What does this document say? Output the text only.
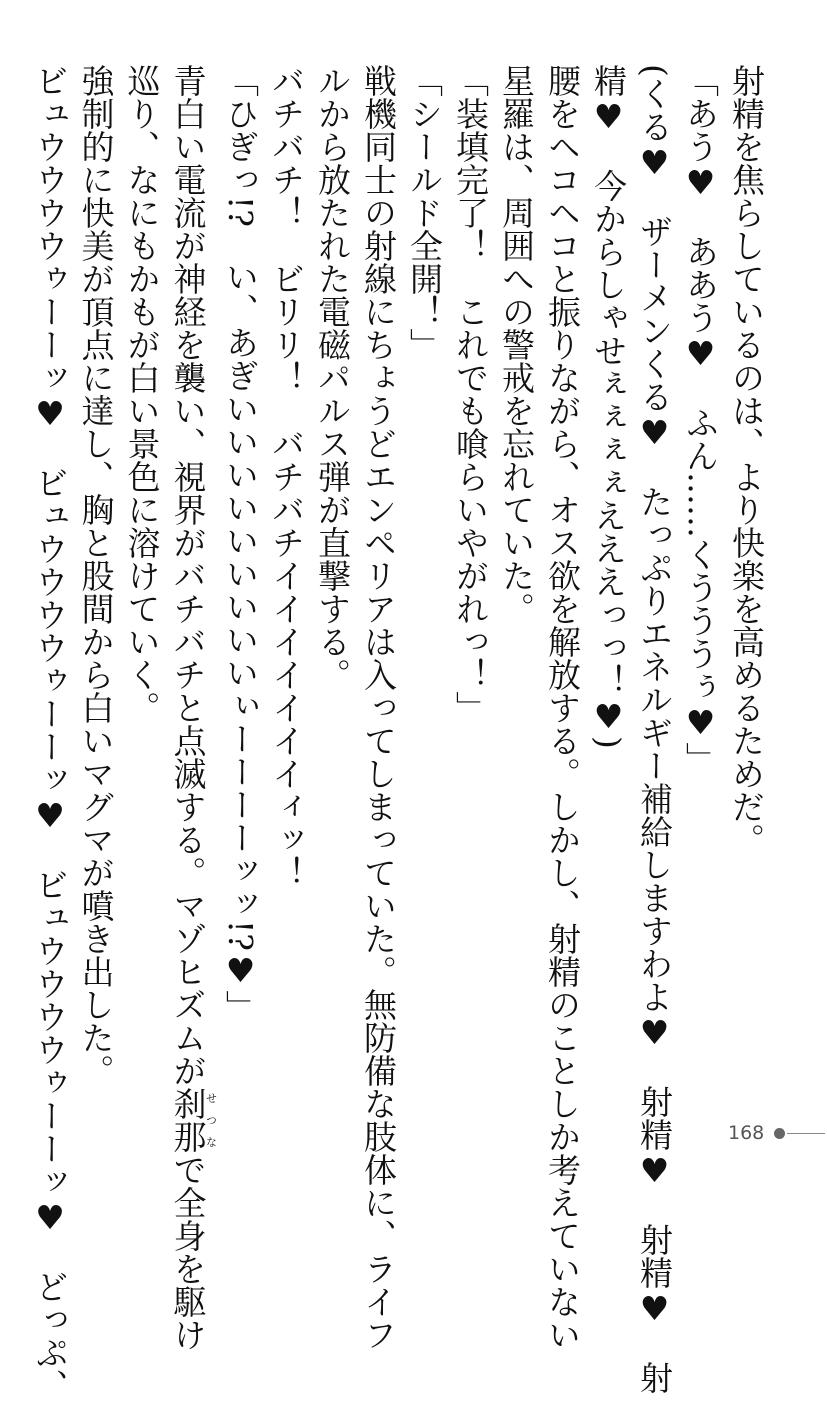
射精を焦らしているのは、より快楽を高めるためだ。
「あう♥　ああう♥　ふん……くうううぅ♥」
(くる♥　ザーメンくる♥　たっぷりエネルギー補給しますわよ♥　射精♥　射精♥　射
精♥　今からしゃせぇぇぇぇえええっっ！♥)
腰をヘコヘコと振りながら、オス欲を解放する。しかし、射精のことしか考えていない
星羅は、周囲への警戒を忘れていた。
「装填完了！　これでも喰らいやがれっ！」
「シールド全開！」
戦機同士の射線にちょうどエンペリアは入ってしまっていた。無防備な肢体に、ライフ
ルから放たれた電磁パルス弾が直撃する。
バチバチ！　ビリリ！　バチバチイイイイイイイィッ！
「ひぎっ!?　い、あぎいいいいいいいいいぃーーーーッッ!?♥」
青白い電流が神経を襲い、視界がバチバチと点滅する。マゾヒズムが刹那せつなで全身を駆け
巡り、なにもかもが白い景色に溶けていく。
強制的に快美が頂点に達し、胸と股間から白いマグマが噴き出した。
ビュウウウウゥーーッ♥　ビュウウウウゥーーッ♥　ビュウウウウゥーーッ♥　どっぷ、	168
